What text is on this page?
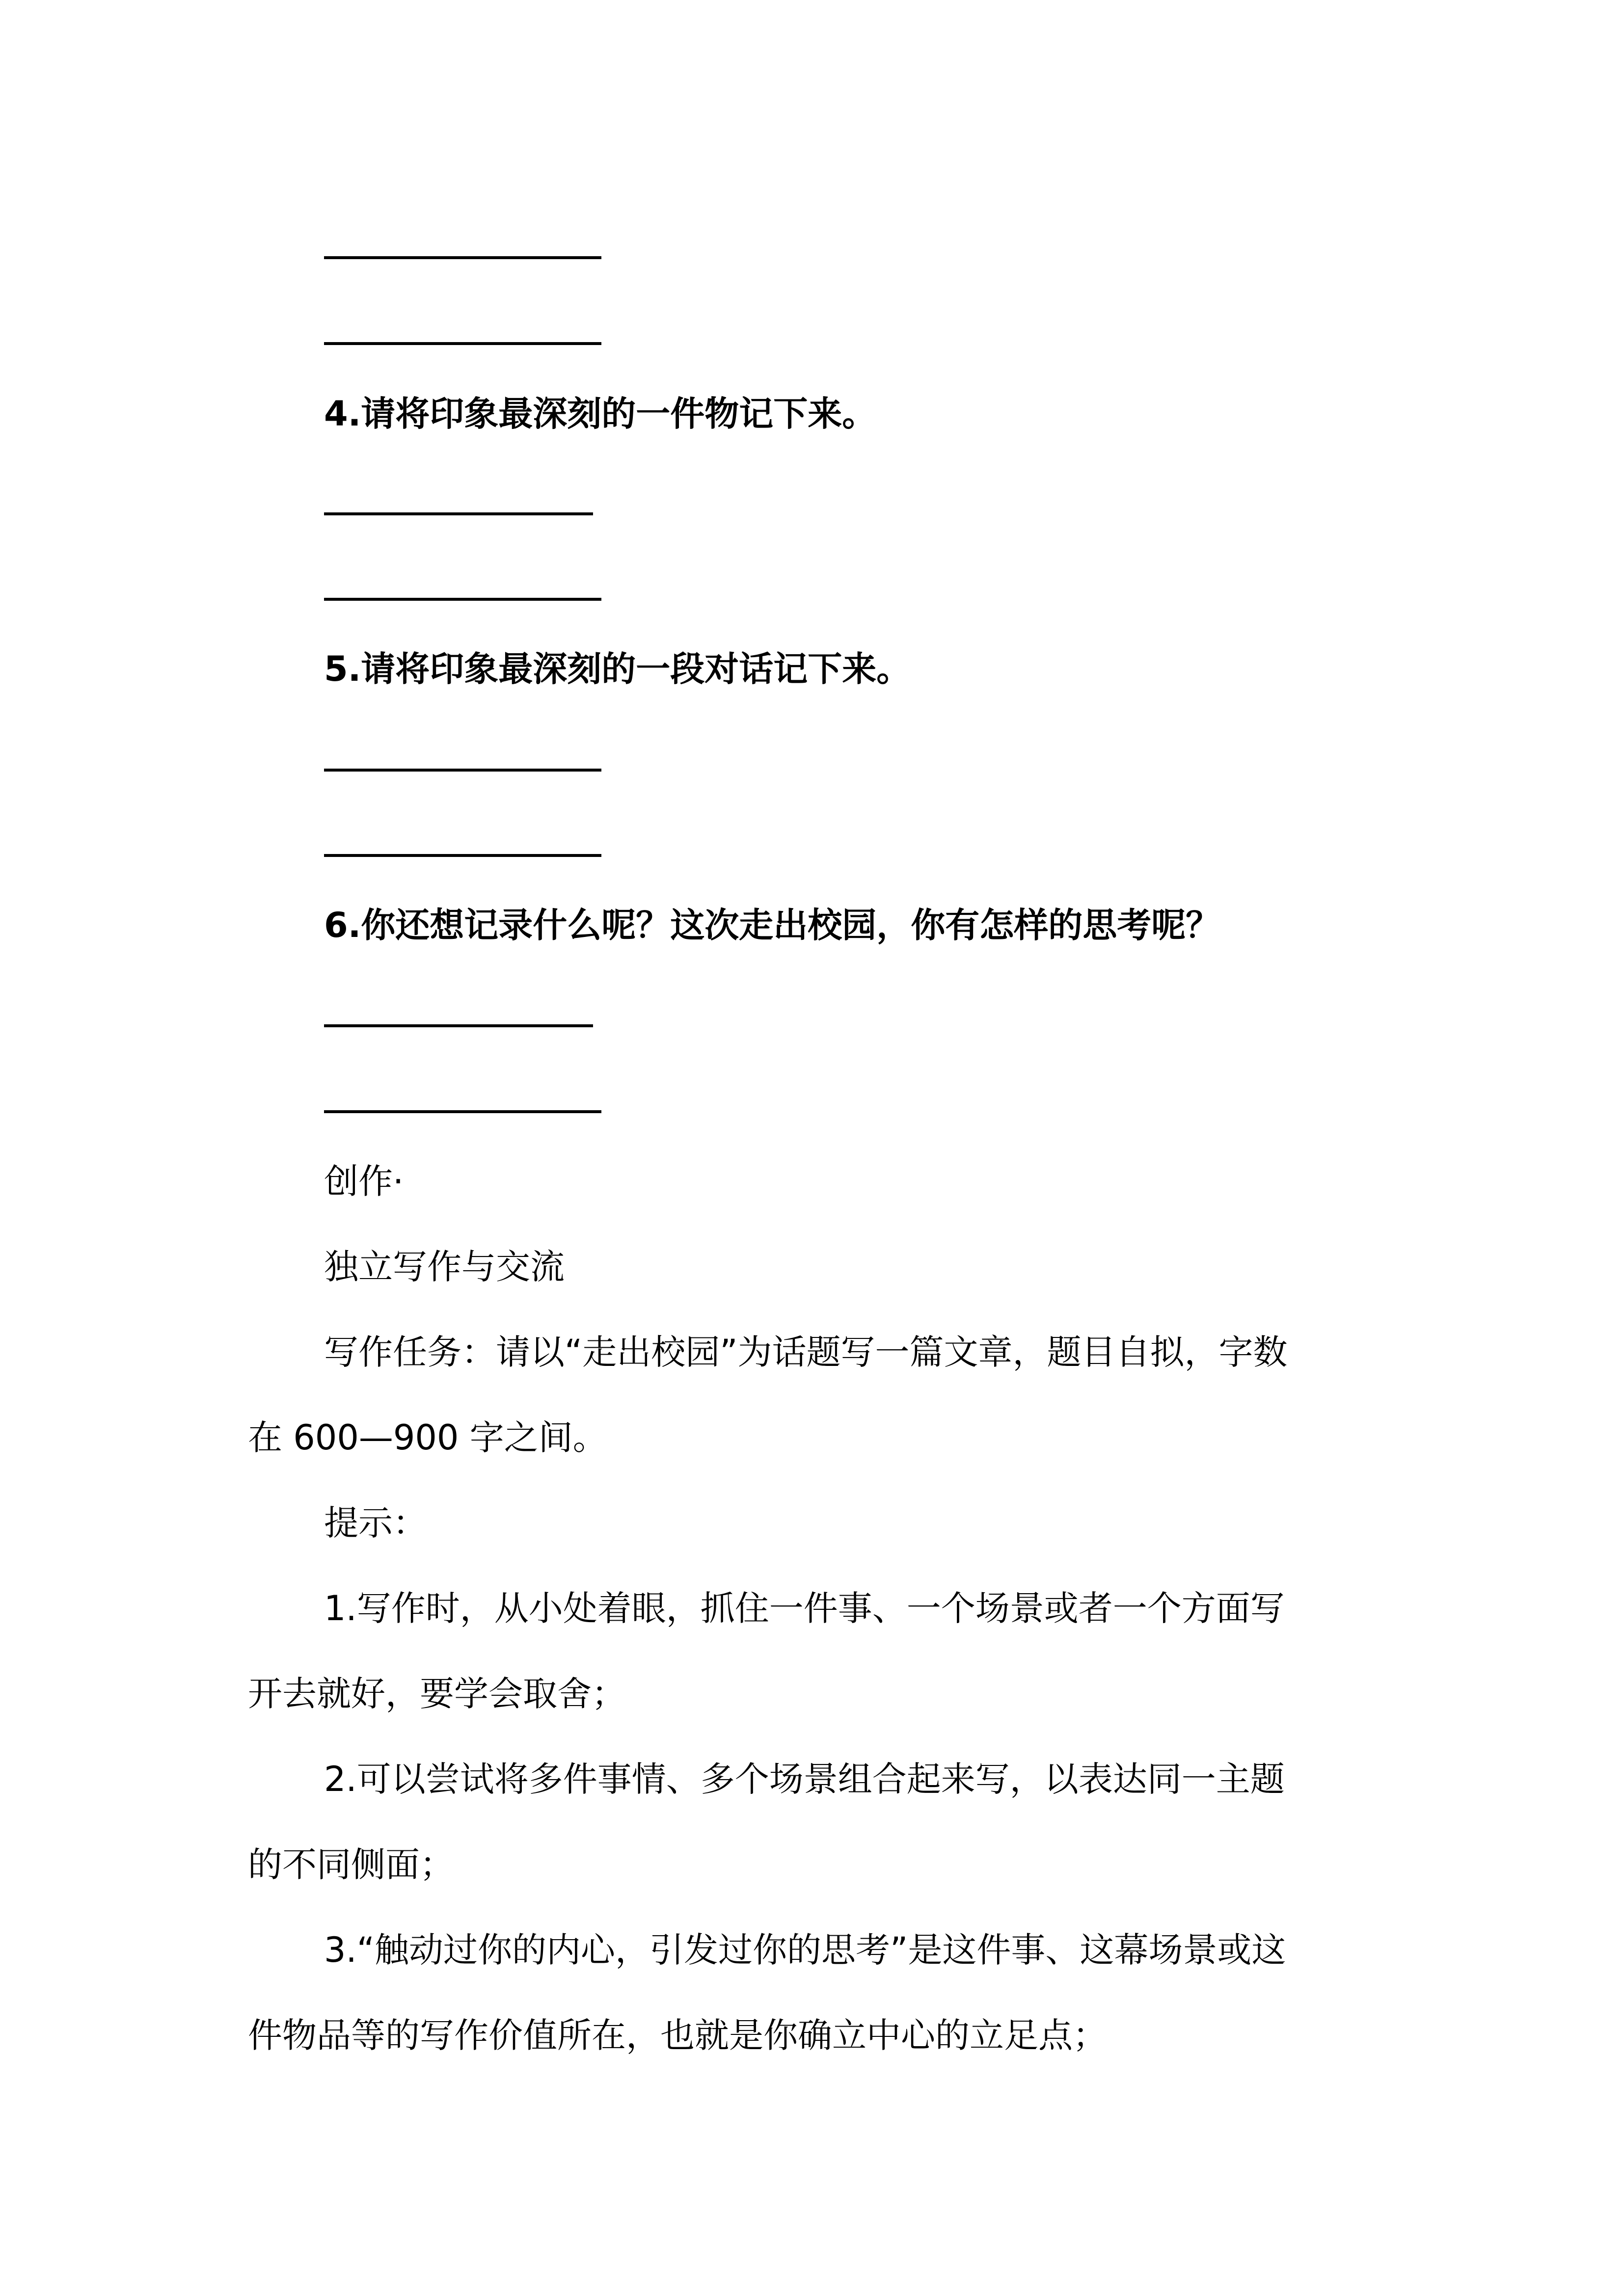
4.请将印象最深刻的一件物记下来。
5.请将印象最深刻的一段对话记下来。
6.你还想记录什么呢？这次走出校园，你有怎样的思考呢？
创作·
独立写作与交流
写作任务：请以“走出校园”为话题写一篇文章，题目自拟，字数
在 600—900 字之间。
提示：
1.写作时，从小处着眼，抓住一件事、一个场景或者一个方面写
开去就好，要学会取舍；
2.可以尝试将多件事情、多个场景组合起来写，以表达同一主题
的不同侧面；
3.“触动过你的内心，引发过你的思考”是这件事、这幕场景或这
件物品等的写作价值所在，也就是你确立中心的立足点；
